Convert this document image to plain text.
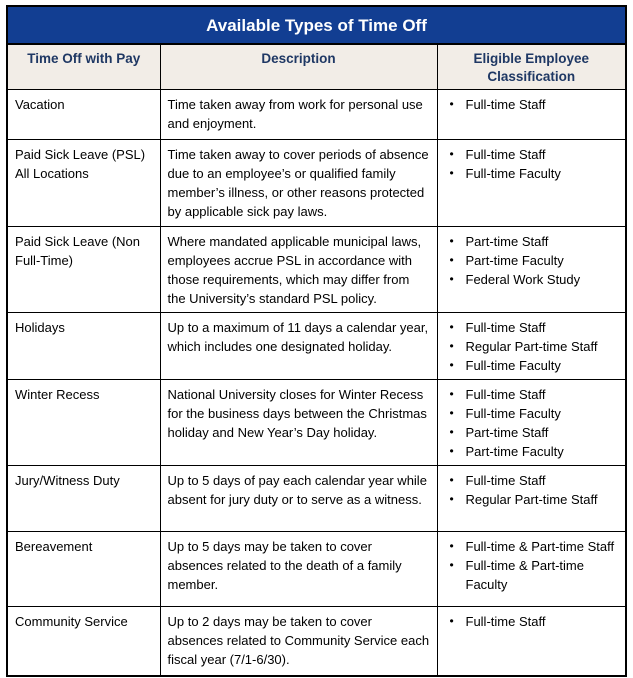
Available Types of Time Off
Time Off with Pay	Description	Eligible Employee Classification
Vacation	Time taken away from work for personal use and enjoyment.	
• Full-time Staff

Paid Sick Leave (PSL) All Locations	Time taken away to cover periods of absence due to an employee’s or qualified family member’s illness, or other reasons protected by applicable sick pay laws.	
• Full-time Staff
• Full-time Faculty

Paid Sick Leave (Non Full-Time)	Where mandated applicable municipal laws, employees accrue PSL in accordance with those requirements, which may differ from the University’s standard PSL policy.	
• Part-time Staff
• Part-time Faculty
• Federal Work Study

Holidays	Up to a maximum of 11 days a calendar year, which includes one designated holiday.	
• Full-time Staff
• Regular Part-time Staff
• Full-time Faculty

Winter Recess	National University closes for Winter Recess for the business days between the Christmas holiday and New Year’s Day holiday.	
• Full-time Staff
• Full-time Faculty
• Part-time Staff
• Part-time Faculty

Jury/Witness Duty	Up to 5 days of pay each calendar year while absent for jury duty or to serve as a witness.	
• Full-time Staff
• Regular Part-time Staff

Bereavement	Up to 5 days may be taken to cover absences related to the death of a family member.	
• Full-time & Part-time Staff
• Full-time & Part-time Faculty

Community Service	Up to 2 days may be taken to cover absences related to Community Service each fiscal year (7/1-6/30).	
• Full-time Staff
